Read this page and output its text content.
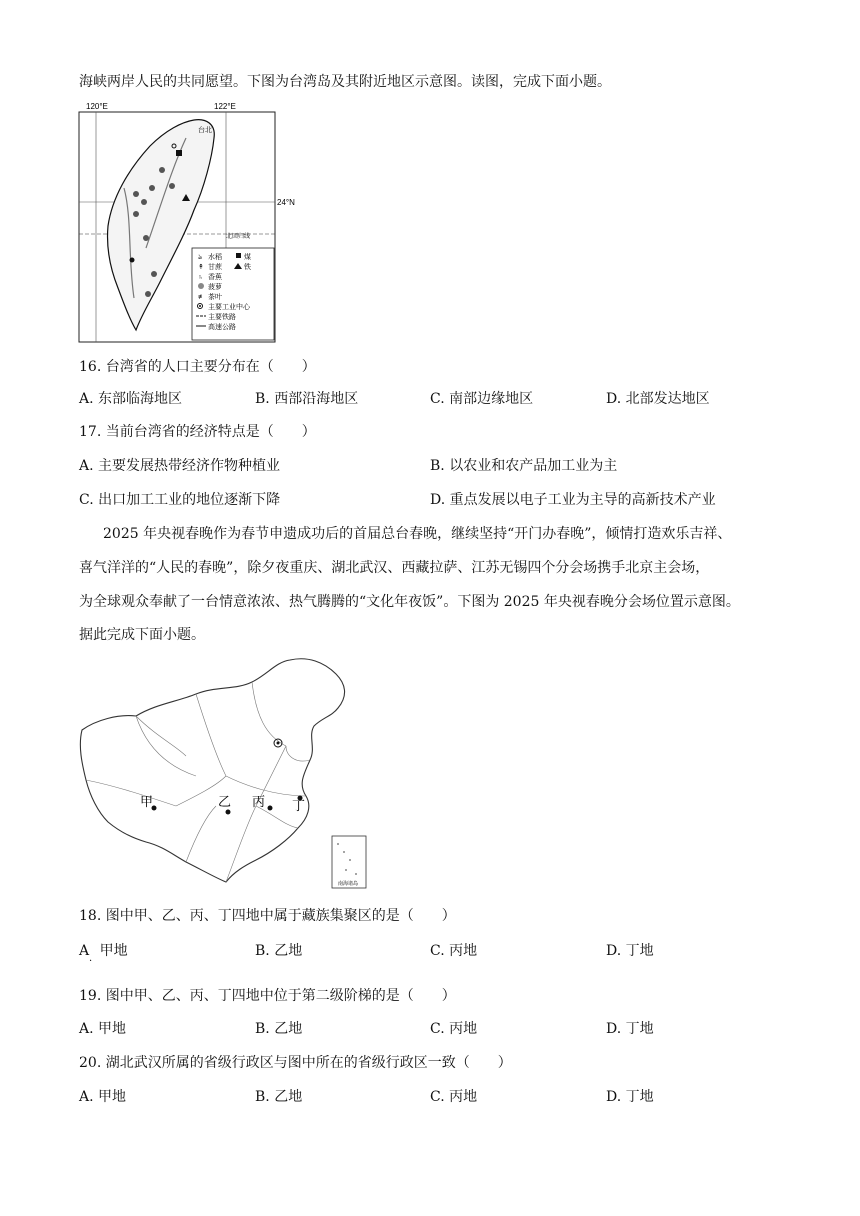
海峡两岸人民的共同愿望。下图为台湾岛及其附近地区示意图。读图，完成下面小题。
120°E	122°E
24°N
北回归线
台北
ঌ 水稻	煤
↟ 甘蔗	铁
♄ 香蕉
菠萝
≢ 茶叶
主要工业中心
主要铁路
高速公路
16. 台湾省的人口主要分布在（　　）
A. 东部临海地区	B. 西部沿海地区	C. 南部边缘地区	D. 北部发达地区
17. 当前台湾省的经济特点是（　　）
A. 主要发展热带经济作物种植业	B. 以农业和农产品加工业为主
C. 出口加工工业的地位逐渐下降	D. 重点发展以电子工业为主导的高新技术产业
2025 年央视春晚作为春节申遗成功后的首届总台春晚，继续坚持“开门办春晚”，倾情打造欢乐吉祥、
喜气洋洋的“人民的春晚”，除夕夜重庆、湖北武汉、西藏拉萨、江苏无锡四个分会场携手北京主会场，
为全球观众奉献了一台情意浓浓、热气腾腾的“文化年夜饭”。下图为 2025 年央视春晚分会场位置示意图。
据此完成下面小题。
甲	乙 丙 丁
南海诸岛
18. 图中甲、乙、丙、丁四地中属于藏族集聚区的是（　　）
A 甲地
·
B. 乙地	C. 丙地	D. 丁地
19. 图中甲、乙、丙、丁四地中位于第二级阶梯的是（　　）
A. 甲地	B. 乙地	C. 丙地	D. 丁地
20. 湖北武汉所属的省级行政区与图中所在的省级行政区一致（　　）
A. 甲地	B. 乙地	C. 丙地	D. 丁地
